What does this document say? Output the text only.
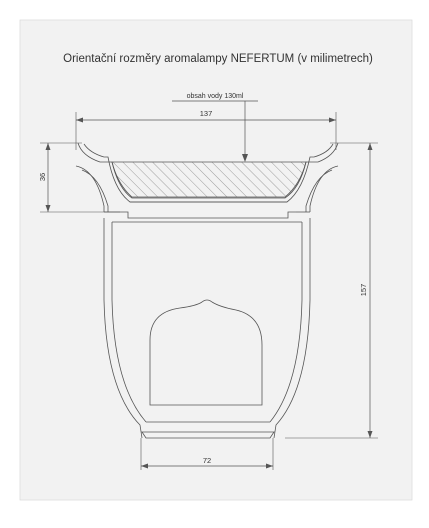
Orientační rozměry aromalampy NEFERTUM (v milimetrech)
obsah vody 130ml
137
36
157
72
